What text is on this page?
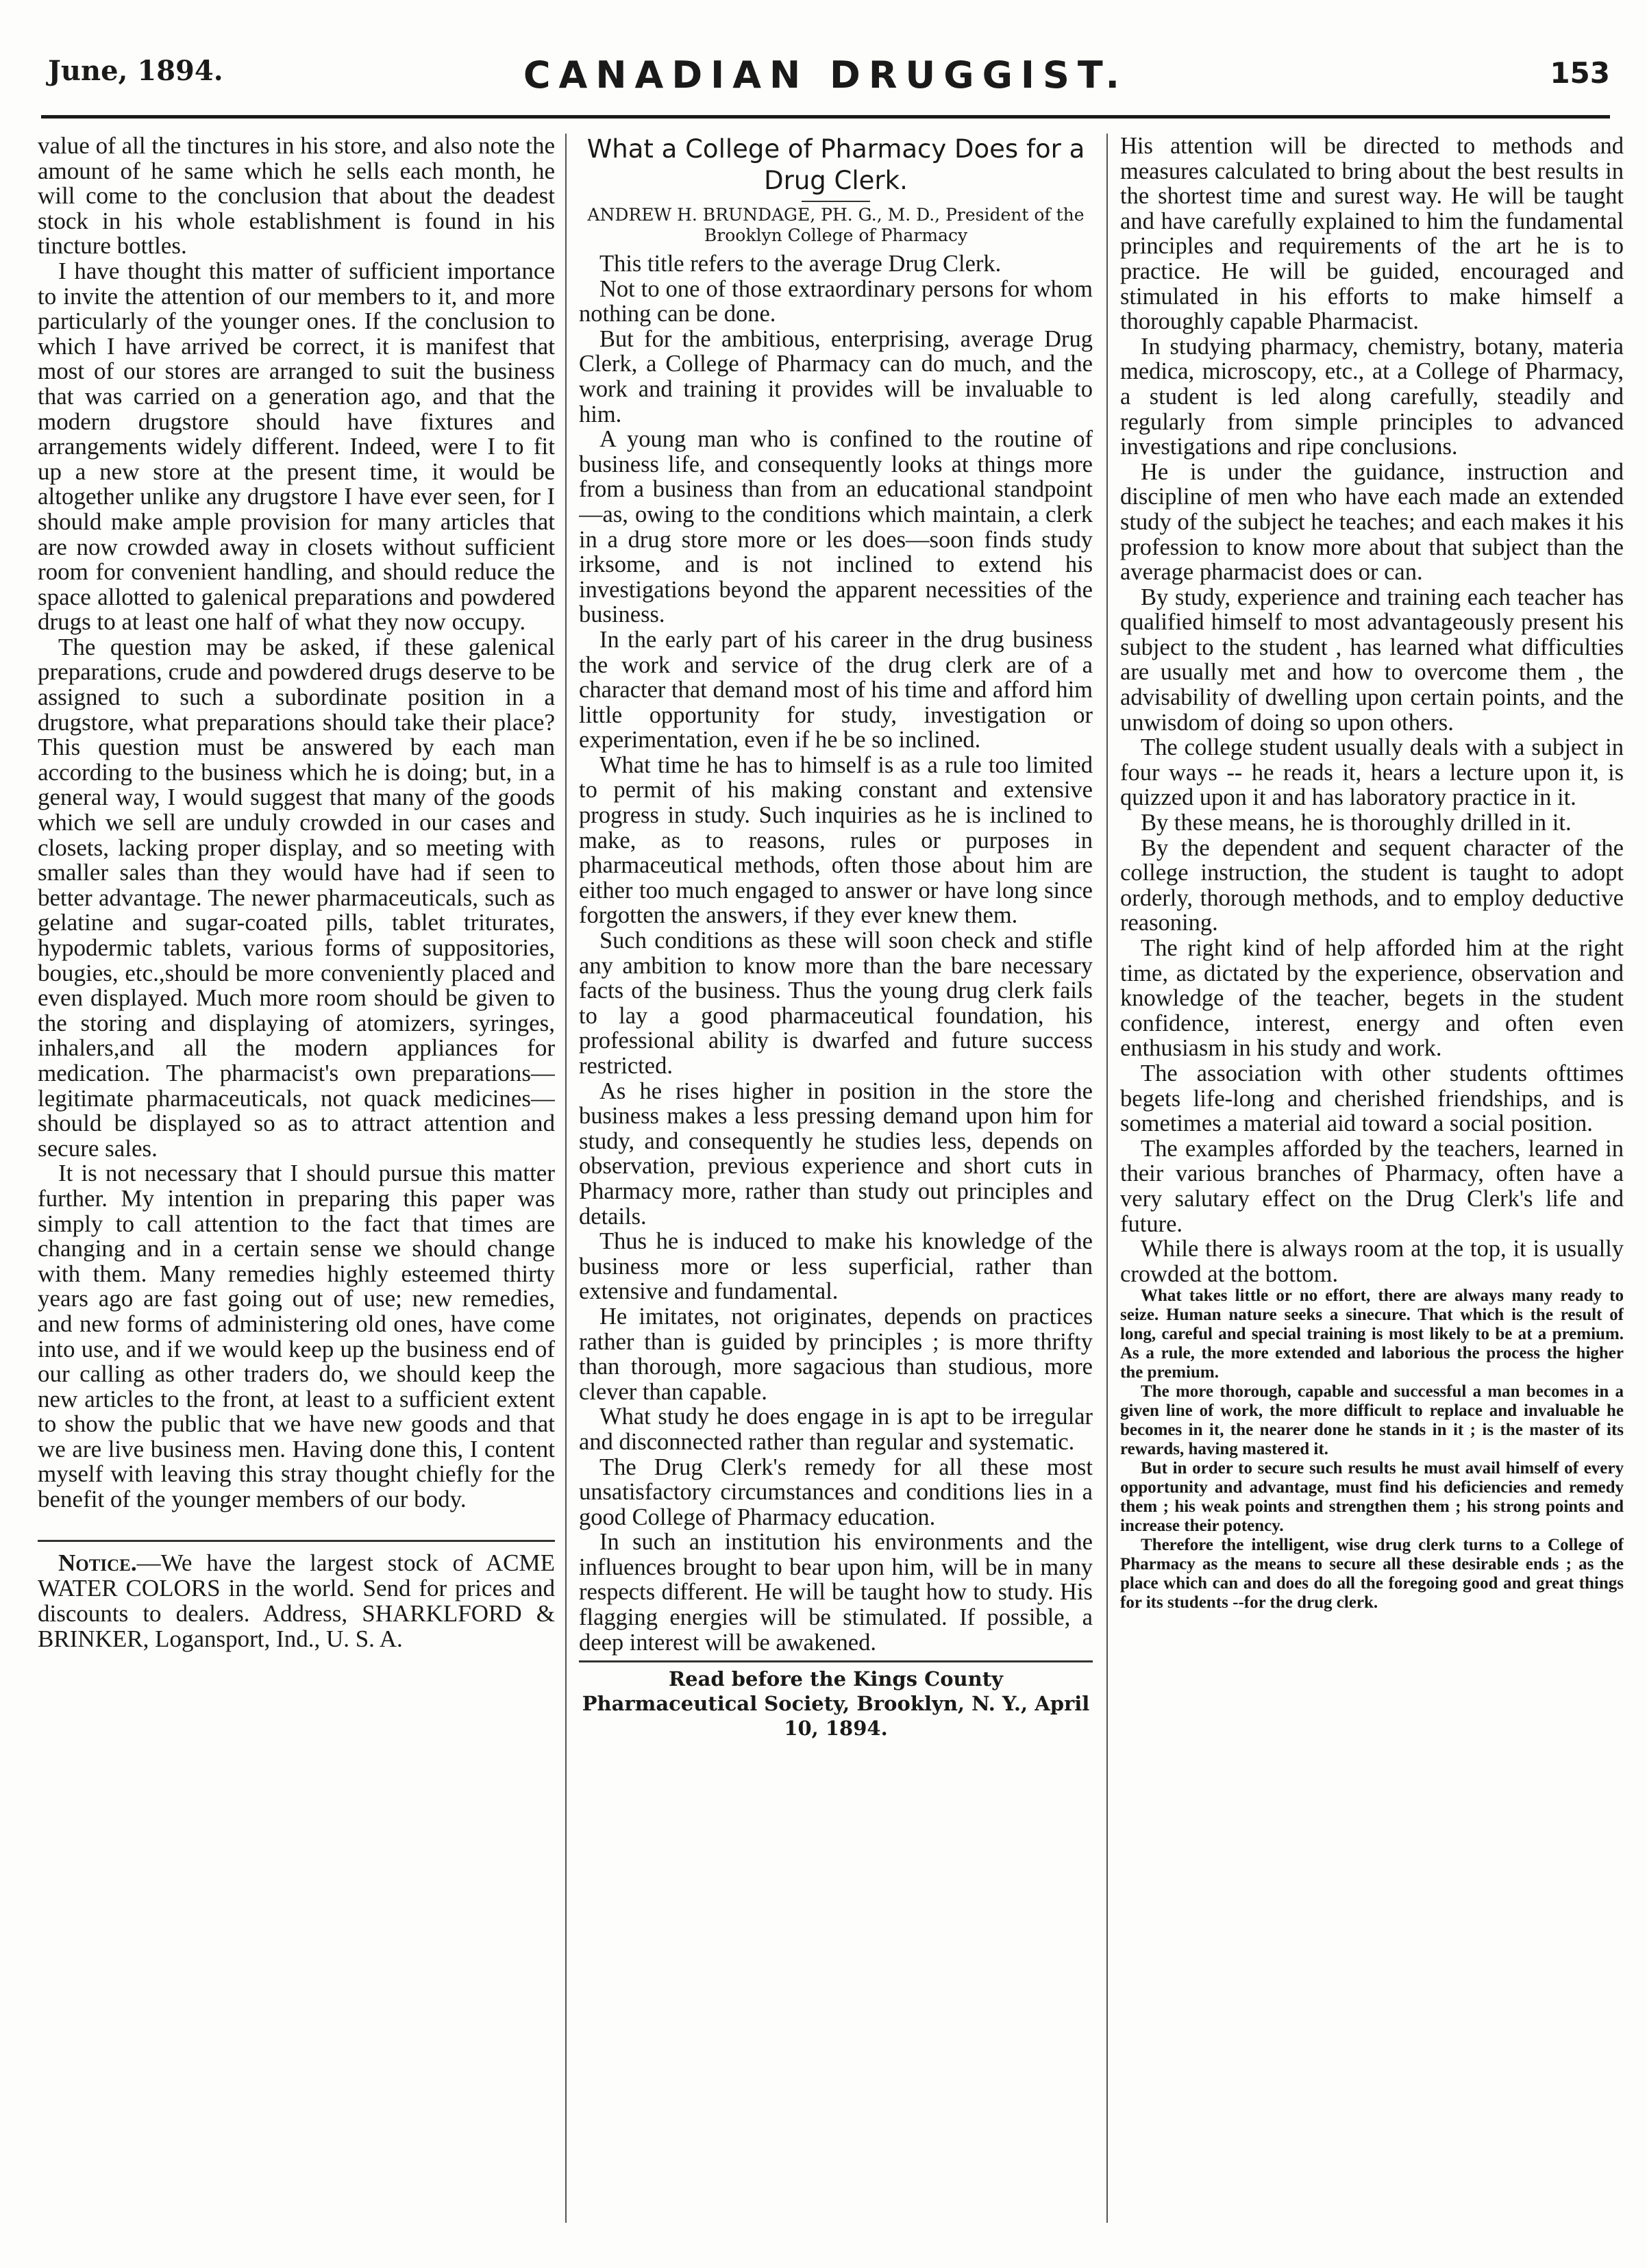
June, 1894.	CANADIAN DRUGGIST.	153

value of all the tinctures in his store, and also note the amount of he same which he sells each month, he will come to the conclusion that about the deadest stock in his whole establishment is found in his tincture bottles.

I have thought this matter of sufficient importance to invite the attention of our members to it, and more particularly of the younger ones. If the conclusion to which I have arrived be correct, it is manifest that most of our stores are arranged to suit the business that was carried on a generation ago, and that the modern drugstore should have fixtures and arrangements widely different. Indeed, were I to fit up a new store at the present time, it would be altogether unlike any drugstore I have ever seen, for I should make ample provision for many articles that are now crowded away in closets without sufficient room for convenient handling, and should reduce the space allotted to galenical preparations and powdered drugs to at least one half of what they now occupy.

The question may be asked, if these galenical preparations, crude and powdered drugs deserve to be assigned to such a subordinate position in a drugstore, what preparations should take their place? This question must be answered by each man according to the business which he is doing; but, in a general way, I would suggest that many of the goods which we sell are unduly crowded in our cases and closets, lacking proper display, and so meeting with smaller sales than they would have had if seen to better advantage. The newer pharmaceuticals, such as gelatine and sugar-coated pills, tablet triturates, hypodermic tablets, various forms of suppositories, bougies, etc.,should be more conveniently placed and even displayed. Much more room should be given to the storing and displaying of atomizers, syringes, inhalers,and all the modern appliances for medication. The pharmacist's own preparations—legitimate pharmaceuticals, not quack medicines—should be displayed so as to attract attention and secure sales.

It is not necessary that I should pursue this matter further. My intention in preparing this paper was simply to call attention to the fact that times are changing and in a certain sense we should change with them. Many remedies highly esteemed thirty years ago are fast going out of use; new remedies, and new forms of administering old ones, have come into use, and if we would keep up the business end of our calling as other traders do, we should keep the new articles to the front, at least to a sufficient extent to show the public that we have new goods and that we are live business men. Having done this, I content myself with leaving this stray thought chiefly for the benefit of the younger members of our body.

Notice.—We have the largest stock of ACME WATER COLORS in the world. Send for prices and discounts to dealers. Address, SHARKLFORD & BRINKER, Logansport, Ind., U. S. A.

What a College of Pharmacy Does for a Drug Clerk.
ANDREW H. BRUNDAGE, PH. G., M. D., President of the Brooklyn College of Pharmacy

This title refers to the average Drug Clerk.

Not to one of those extraordinary persons for whom nothing can be done.

But for the ambitious, enterprising, average Drug Clerk, a College of Pharmacy can do much, and the work and training it provides will be invaluable to him.

A young man who is confined to the routine of business life, and consequently looks at things more from a business than from an educational standpoint—as, owing to the conditions which maintain, a clerk in a drug store more or les does—soon finds study irksome, and is not inclined to extend his investigations beyond the apparent necessities of the business.

In the early part of his career in the drug business the work and service of the drug clerk are of a character that demand most of his time and afford him little opportunity for study, investigation or experimentation, even if he be so inclined.

What time he has to himself is as a rule too limited to permit of his making constant and extensive progress in study. Such inquiries as he is inclined to make, as to reasons, rules or purposes in pharmaceutical methods, often those about him are either too much engaged to answer or have long since forgotten the answers, if they ever knew them.

Such conditions as these will soon check and stifle any ambition to know more than the bare necessary facts of the business. Thus the young drug clerk fails to lay a good pharmaceutical foundation, his professional ability is dwarfed and future success restricted.

As he rises higher in position in the store the business makes a less pressing demand upon him for study, and consequently he studies less, depends on observation, previous experience and short cuts in Pharmacy more, rather than study out principles and details.

Thus he is induced to make his knowledge of the business more or less superficial, rather than extensive and fundamental.

He imitates, not originates, depends on practices rather than is guided by principles ; is more thrifty than thorough, more sagacious than studious, more clever than capable.

What study he does engage in is apt to be irregular and disconnected rather than regular and systematic.

The Drug Clerk's remedy for all these most unsatisfactory circumstances and conditions lies in a good College of Pharmacy education.

In such an institution his environments and the influences brought to bear upon him, will be in many respects different. He will be taught how to study. His flagging energies will be stimulated. If possible, a deep interest will be awakened.

Read before the Kings County Pharmaceutical Society, Brooklyn, N. Y., April 10, 1894.

His attention will be directed to methods and measures calculated to bring about the best results in the shortest time and surest way. He will be taught and have carefully explained to him the fundamental principles and requirements of the art he is to practice. He will be guided, encouraged and stimulated in his efforts to make himself a thoroughly capable Pharmacist.

In studying pharmacy, chemistry, botany, materia medica, microscopy, etc., at a College of Pharmacy, a student is led along carefully, steadily and regularly from simple principles to advanced investigations and ripe conclusions.

He is under the guidance, instruction and discipline of men who have each made an extended study of the subject he teaches; and each makes it his profession to know more about that subject than the average pharmacist does or can.

By study, experience and training each teacher has qualified himself to most advantageously present his subject to the student , has learned what difficulties are usually met and how to overcome them , the advisability of dwelling upon certain points, and the unwisdom of doing so upon others.

The college student usually deals with a subject in four ways -- he reads it, hears a lecture upon it, is quizzed upon it and has laboratory practice in it.

By these means, he is thoroughly drilled in it.

By the dependent and sequent character of the college instruction, the student is taught to adopt orderly, thorough methods, and to employ deductive reasoning.

The right kind of help afforded him at the right time, as dictated by the experience, observation and knowledge of the teacher, begets in the student confidence, interest, energy and often even enthusiasm in his study and work.

The association with other students ofttimes begets life-long and cherished friendships, and is sometimes a material aid toward a social position.

The examples afforded by the teachers, learned in their various branches of Pharmacy, often have a very salutary effect on the Drug Clerk's life and future.

While there is always room at the top, it is usually crowded at the bottom.

What takes little or no effort, there are always many ready to seize. Human nature seeks a sinecure. That which is the result of long, careful and special training is most likely to be at a premium. As a rule, the more extended and laborious the process the higher the premium.

The more thorough, capable and successful a man becomes in a given line of work, the more difficult to replace and invaluable he becomes in it, the nearer done he stands in it ; is the master of its rewards, having mastered it.

But in order to secure such results he must avail himself of every opportunity and advantage, must find his deficiencies and remedy them ; his weak points and strengthen them ; his strong points and increase their potency.

Therefore the intelligent, wise drug clerk turns to a College of Pharmacy as the means to secure all these desirable ends ; as the place which can and does do all the foregoing good and great things for its students --for the drug clerk.
